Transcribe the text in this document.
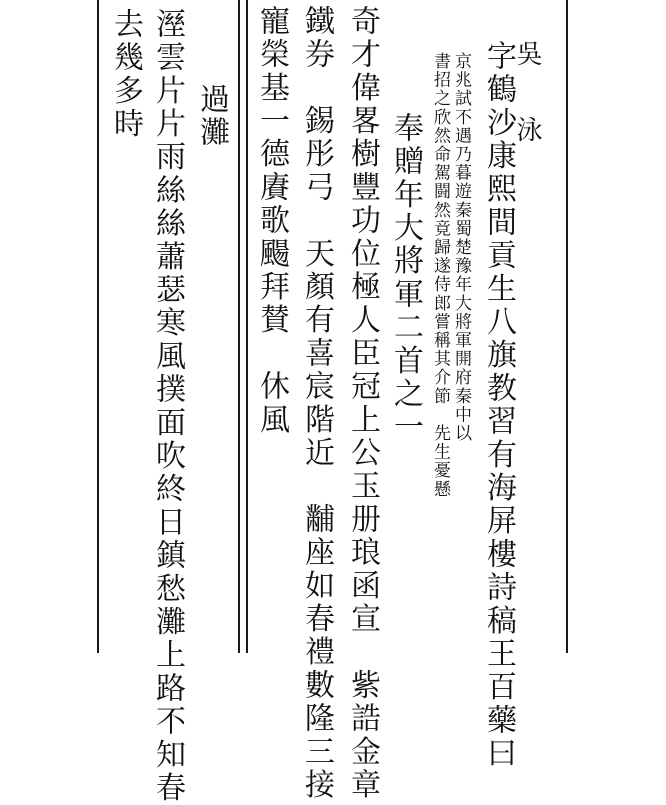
吳　泳
字鶴沙康熙間貢生八旗教習有海屏樓詩稿王百藥曰
京兆試不遇乃暮遊秦蜀楚豫年大將軍開府秦中以
書招之欣然命駕闘然竟歸遂侍郎嘗稱其介節　先生憂懸
奉贈年大將軍二首之一
奇才偉畧樹豐功位極人臣冠上公玉册琅函宣　紫誥金章
鐵券　錫彤弓　天顏有喜宸階近　黼座如春禮數隆三接
寵榮基一德賡歌颺拜賛　休風
過灘
溼雲片片雨絲絲蕭瑟寒風撲面吹終日鎮愁灘上路不知春
去幾多時
